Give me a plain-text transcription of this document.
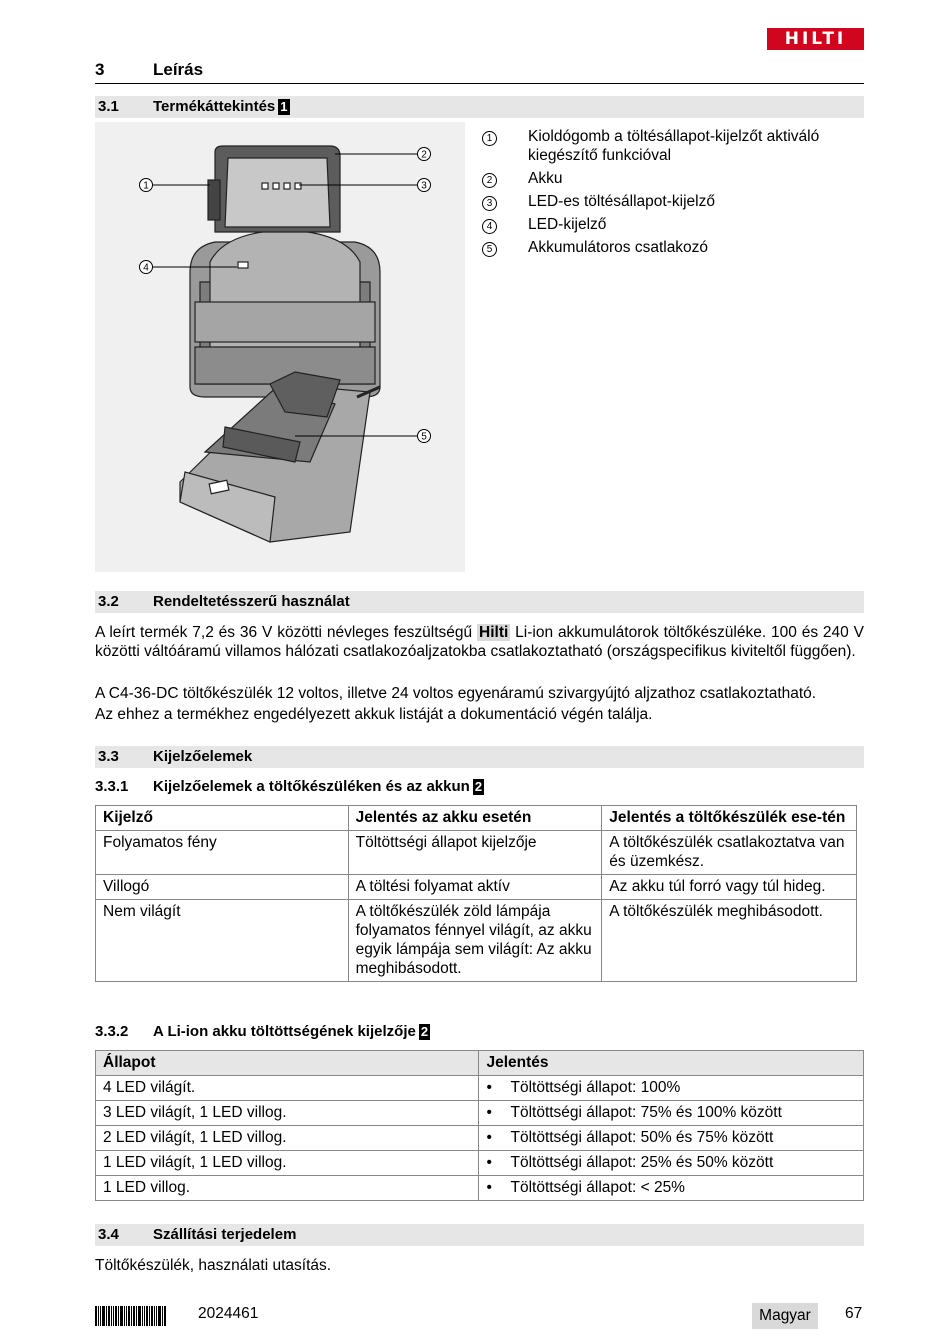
HILTI
3	Leírás
3.1 Termékáttekintés 1
1
2
3
4
5
1	Kioldógomb a töltésállapot-kijelzőt aktiváló kiegészítő funkcióval
2	Akku
3	LED-es töltésállapot-kijelző
4	LED-kijelző
5	Akkumulátoros csatlakozó
3.2 Rendeltetésszerű használat
A leírt termék 7,2 és 36 V közötti névleges feszültségű Hilti Li-ion akkumulátorok töltőkészüléke. 100 és 240 V közötti váltóáramú villamos hálózati csatlakozóaljzatokba csatlakoztatható (országspecifikus kiviteltől függően).
A C4-36-DC töltőkészülék 12 voltos, illetve 24 voltos egyenáramú szivargyújtó aljzathoz csatlakoztatható.
Az ehhez a termékhez engedélyezett akkuk listáját a dokumentáció végén találja.
3.3 Kijelzőelemek
3.3.1 Kijelzőelemek a töltőkészüléken és az akkun 2
Kijelző	Jelentés az akku esetén	Jelentés a töltőkészülék ese-tén
Folyamatos fény	Töltöttségi állapot kijelzője	A töltőkészülék csatlakoztatva van és üzemkész.
Villogó	A töltési folyamat aktív	Az akku túl forró vagy túl hideg.
Nem világít	A töltőkészülék zöld lámpája folyamatos fénnyel világít, az akku egyik lámpája sem világít: Az akku meghibásodott.	A töltőkészülék meghibásodott.
3.3.2 A Li-ion akku töltöttségének kijelzője 2
Állapot	Jelentés
4 LED világít.	• Töltöttségi állapot: 100%
3 LED világít, 1 LED villog.	• Töltöttségi állapot: 75% és 100% között
2 LED világít, 1 LED villog.	• Töltöttségi állapot: 50% és 75% között
1 LED világít, 1 LED villog.	• Töltöttségi állapot: 25% és 50% között
1 LED villog.	• Töltöttségi állapot: < 25%
3.4 Szállítási terjedelem
Töltőkészülék, használati utasítás.
2024461	Magyar	67
